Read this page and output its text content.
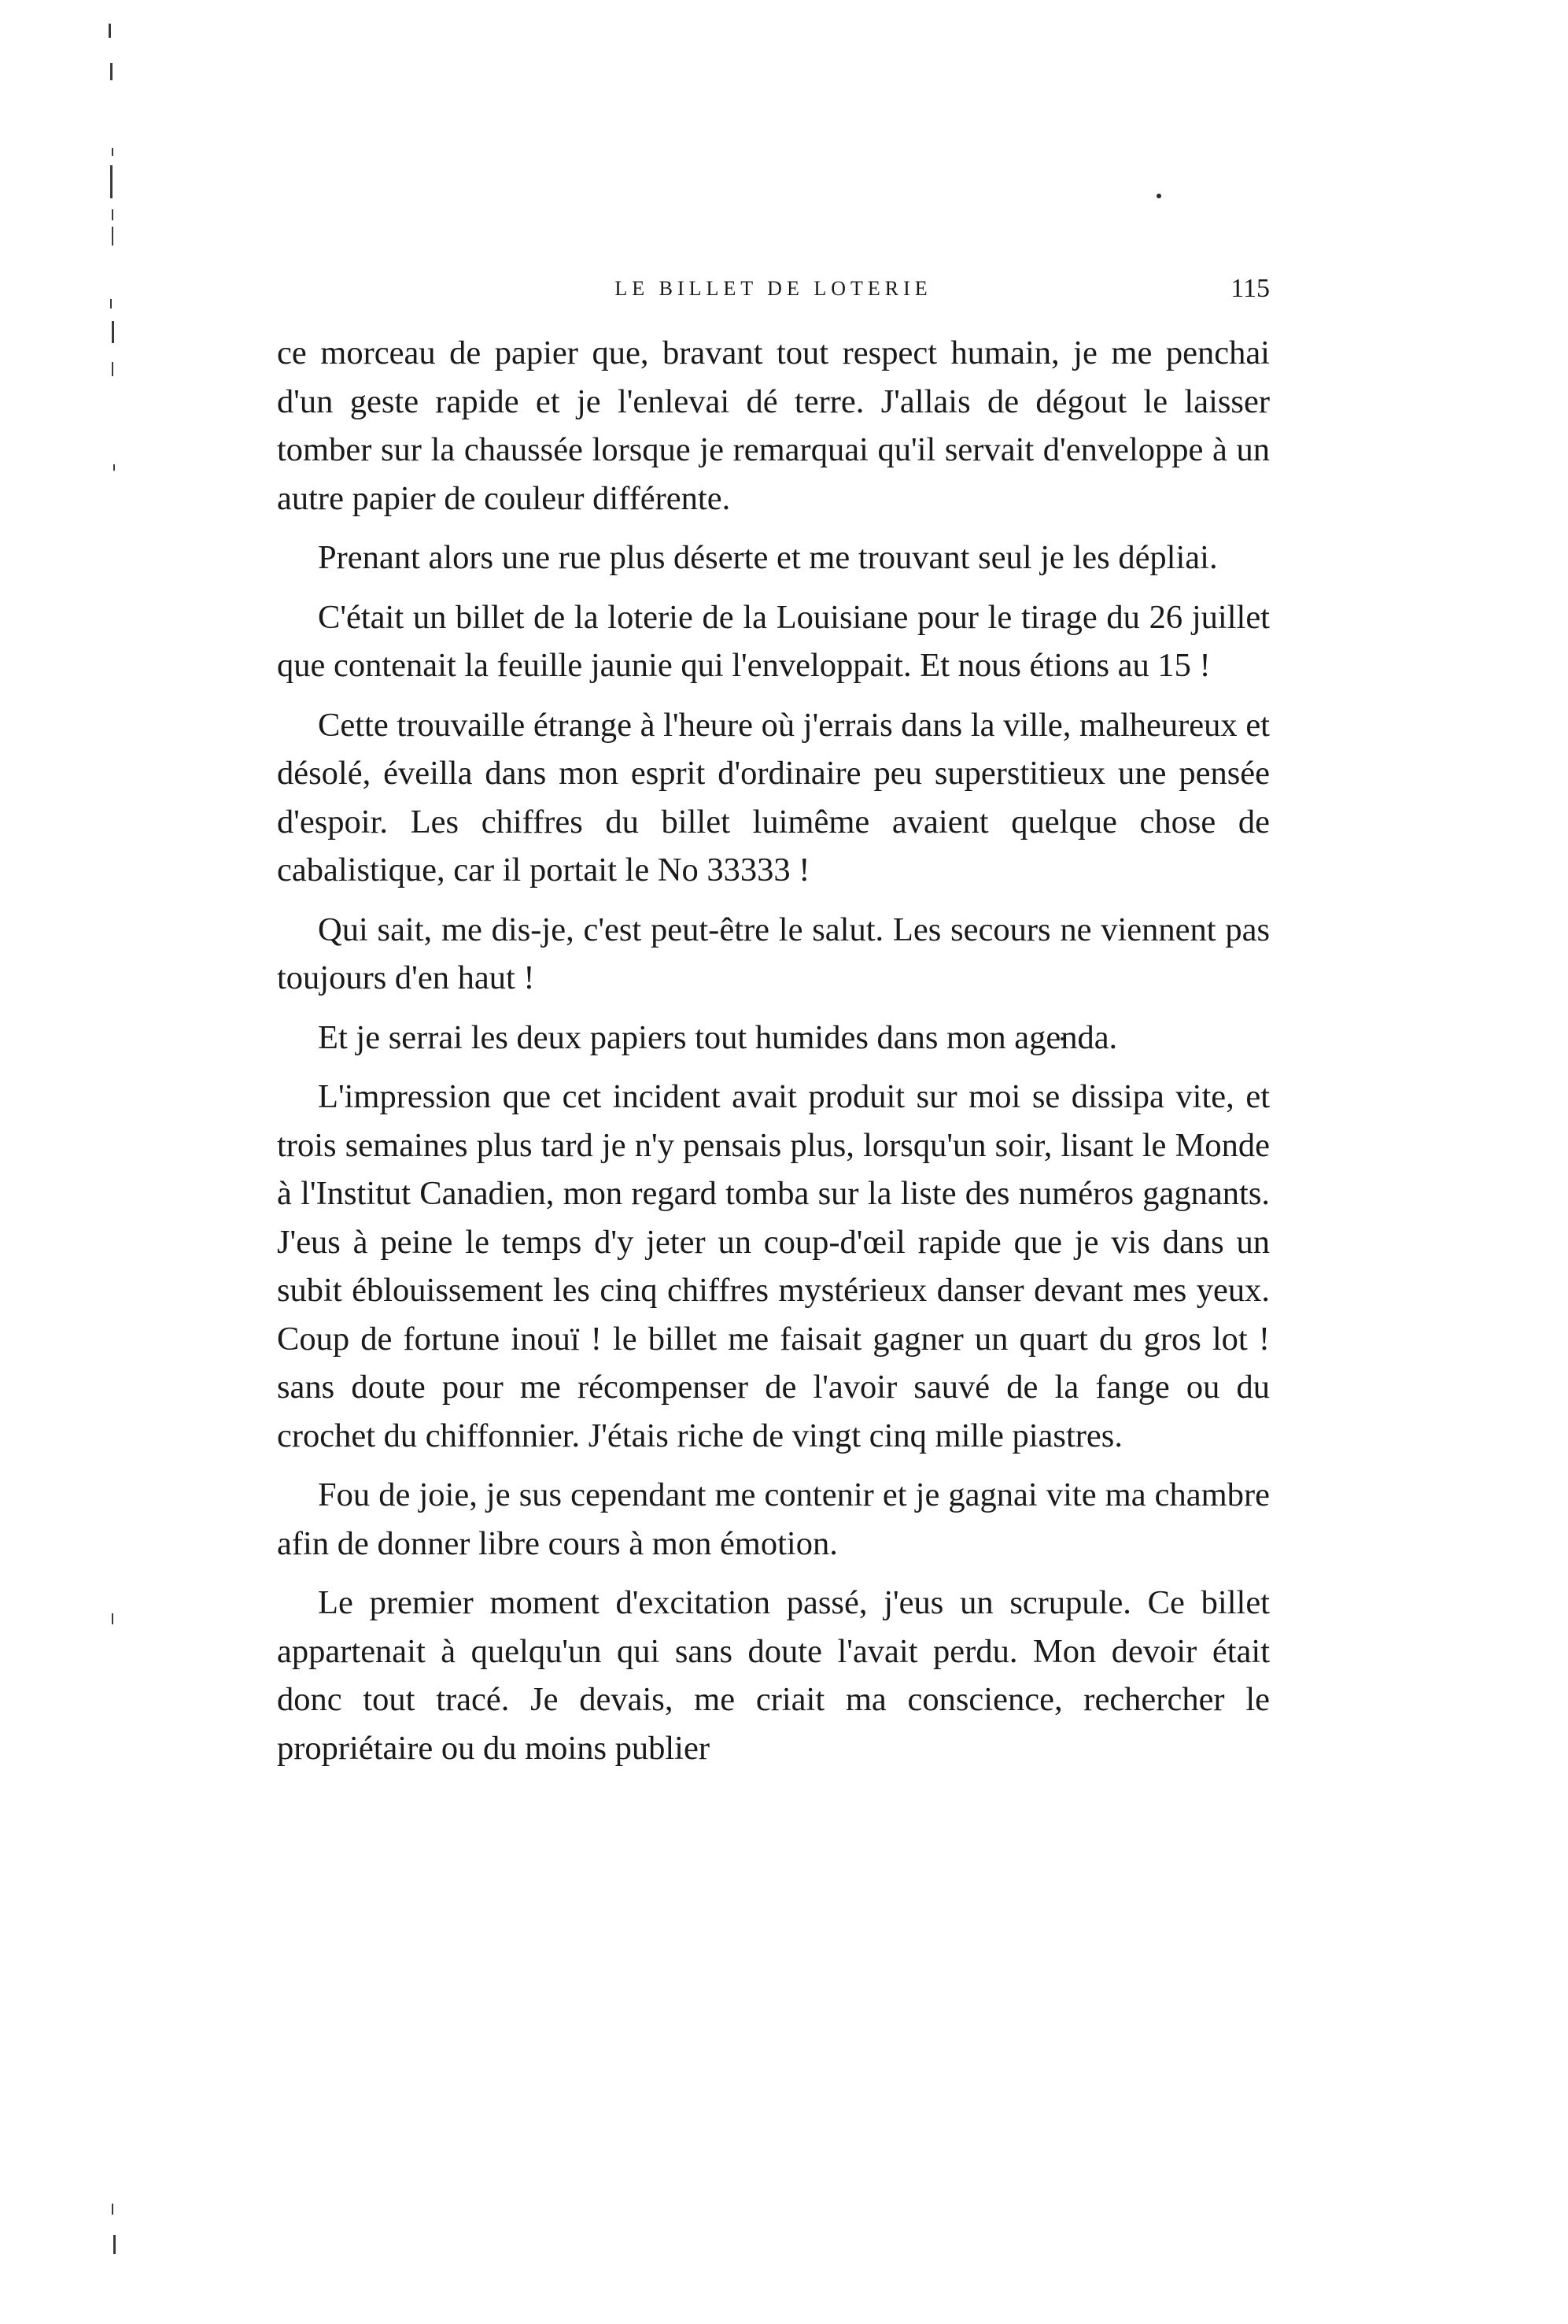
LE BILLET DE LOTERIE	115

ce morceau de papier que, bravant tout respect humain, je me penchai d'un geste rapide et je l'enlevai dé terre. J'allais de dégout le laisser tomber sur la chaussée lorsque je remarquai qu'il servait d'enveloppe à un autre papier de couleur différente.

Prenant alors une rue plus déserte et me trouvant seul je les dépliai.

C'était un billet de la loterie de la Louisiane pour le tirage du 26 juillet que contenait la feuille jaunie qui l'enveloppait. Et nous étions au 15 !

Cette trouvaille étrange à l'heure où j'errais dans la ville, malheureux et désolé, éveilla dans mon esprit d'ordinaire peu superstitieux une pensée d'espoir. Les chiffres du billet luimême avaient quelque chose de cabalistique, car il portait le No 33333 !

Qui sait, me dis-je, c'est peut-être le salut. Les secours ne viennent pas toujours d'en haut !

Et je serrai les deux papiers tout humides dans mon agenda.

L'impression que cet incident avait produit sur moi se dissipa vite, et trois semaines plus tard je n'y pensais plus, lorsqu'un soir, lisant le Monde à l'Institut Canadien, mon regard tomba sur la liste des numéros gagnants. J'eus à peine le temps d'y jeter un coup-d'œil rapide que je vis dans un subit éblouissement les cinq chiffres mystérieux danser devant mes yeux. Coup de fortune inouï ! le billet me faisait gagner un quart du gros lot ! sans doute pour me récompenser de l'avoir sauvé de la fange ou du crochet du chiffonnier. J'étais riche de vingt cinq mille piastres.

Fou de joie, je sus cependant me contenir et je gagnai vite ma chambre afin de donner libre cours à mon émotion.

Le premier moment d'excitation passé, j'eus un scrupule. Ce billet appartenait à quelqu'un qui sans doute l'avait perdu. Mon devoir était donc tout tracé. Je devais, me criait ma conscience, rechercher le propriétaire ou du moins publier
